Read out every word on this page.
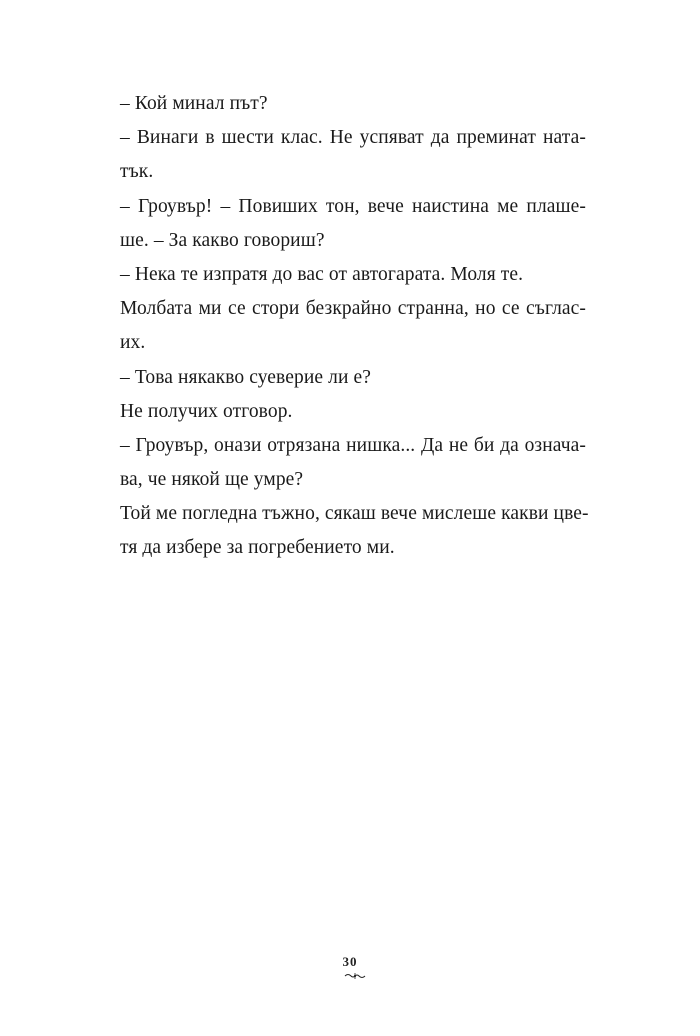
– Кой минал път?
– Винаги в шести клас. Не успяват да преминат ната-
тък.
– Гроувър! – Повиших тон, вече наистина ме плаше-
ше. – За какво говориш?
– Нека те изпратя до вас от автогарата. Моля те.
Молбата ми се стори безкрайно странна, но се съглас-
их.
– Това някакво суеверие ли е?
Не получих отговор.
– Гроувър, онази отрязана нишка... Да не би да означа-
ва, че някой ще умре?
Той ме погледна тъжно, сякаш вече мислеше какви цве-
тя да избере за погребението ми.
30
